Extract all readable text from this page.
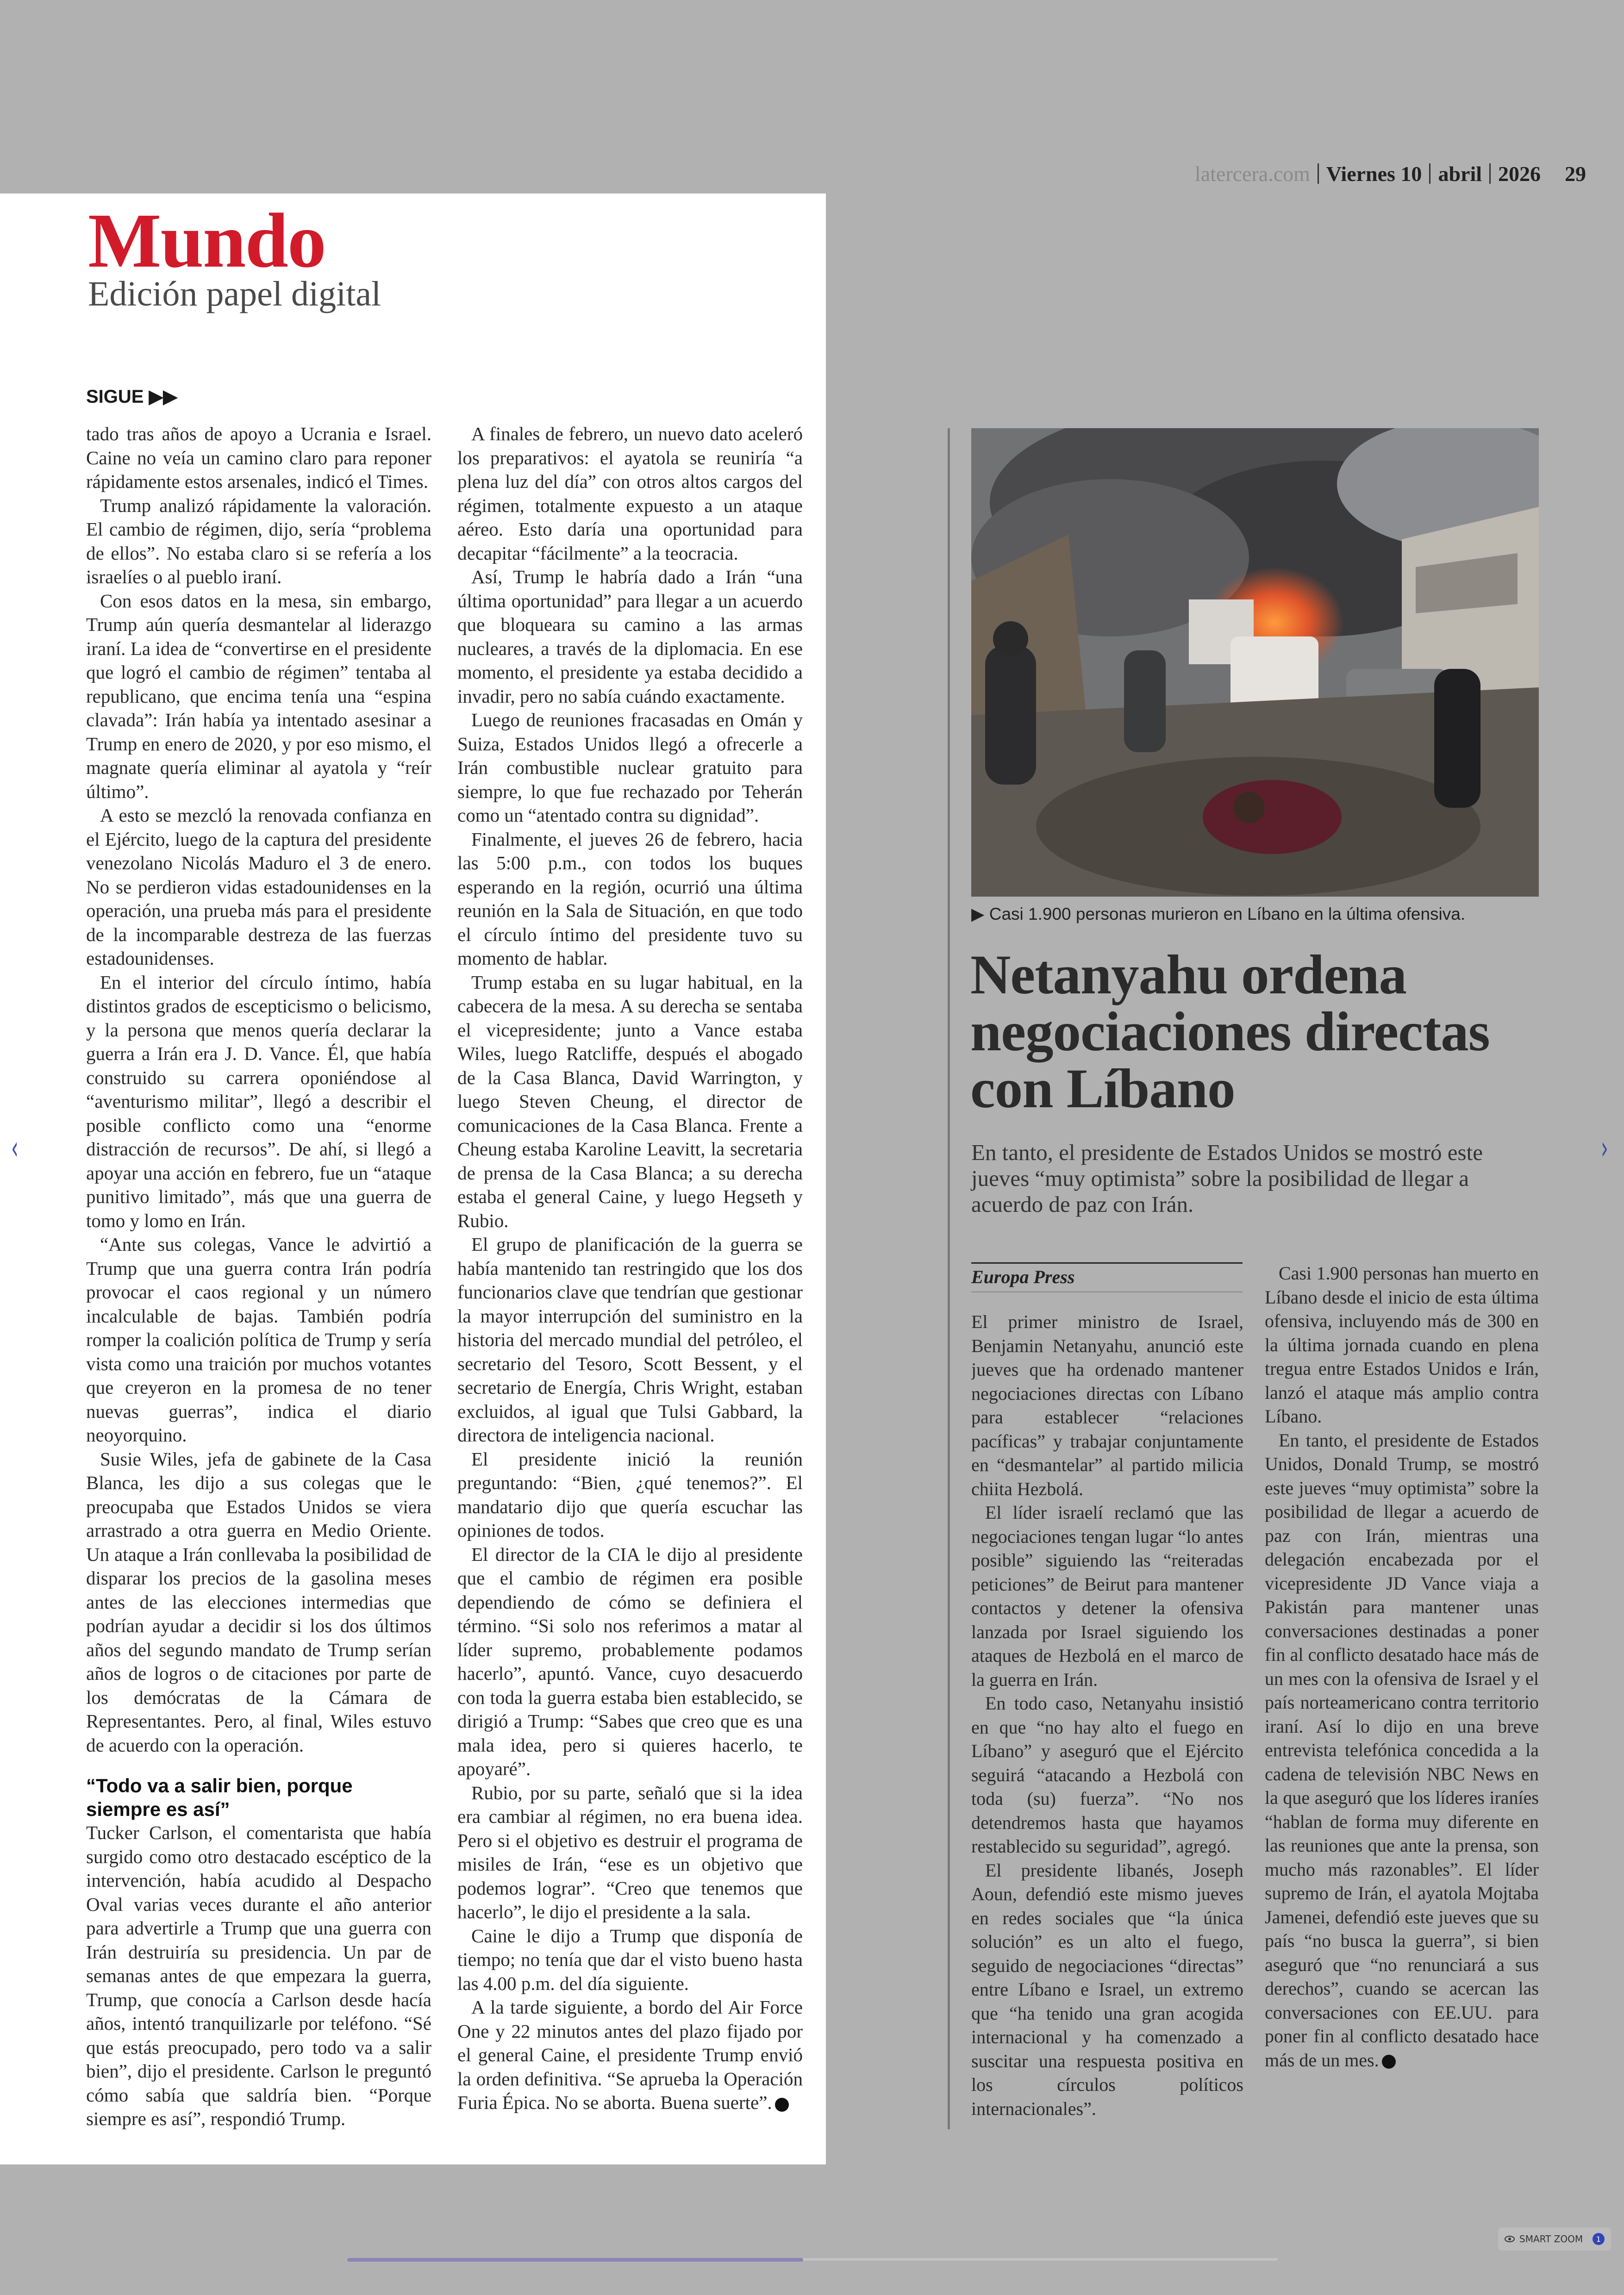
latercera.com Viernes 10 abril 2026 29
Mundo
Edición papel digital
SIGUE ▶▶

tado tras años de apoyo a Ucrania e Israel. Caine no veía un camino claro para reponer rápidamente estos arsenales, indicó el Times.

Trump analizó rápidamente la valoración. El cambio de régimen, dijo, sería “problema de ellos”. No estaba claro si se refería a los israelíes o al pueblo iraní.

Con esos datos en la mesa, sin embargo, Trump aún quería desmantelar al liderazgo iraní. La idea de “convertirse en el presidente que logró el cambio de régimen” tentaba al republicano, que encima tenía una “espina clavada”: Irán había ya intentado asesinar a Trump en enero de 2020, y por eso mismo, el magnate quería eliminar al ayatola y “reír último”.

A esto se mezcló la renovada confianza en el Ejército, luego de la captura del presidente venezolano Nicolás Maduro el 3 de enero. No se perdieron vidas estadounidenses en la operación, una prueba más para el presidente de la incomparable destreza de las fuerzas estadounidenses.

En el interior del círculo íntimo, había distintos grados de escepticismo o belicismo, y la persona que menos quería declarar la guerra a Irán era J. D. Vance. Él, que había construido su carrera oponiéndose al “aventurismo militar”, llegó a describir el posible conflicto como una “enorme distracción de recursos”. De ahí, si llegó a apoyar una acción en febrero, fue un “ataque punitivo limitado”, más que una guerra de tomo y lomo en Irán.

“Ante sus colegas, Vance le advirtió a Trump que una guerra contra Irán podría provocar el caos regional y un número incalculable de bajas. También podría romper la coalición política de Trump y sería vista como una traición por muchos votantes que creyeron en la promesa de no tener nuevas guerras”, indica el diario neoyorquino.

Susie Wiles, jefa de gabinete de la Casa Blanca, les dijo a sus colegas que le preocupaba que Estados Unidos se viera arrastrado a otra guerra en Medio Oriente. Un ataque a Irán conllevaba la posibilidad de disparar los precios de la gasolina meses antes de las elecciones intermedias que podrían ayudar a decidir si los dos últimos años del segundo mandato de Trump serían años de logros o de citaciones por parte de los demócratas de la Cámara de Representantes. Pero, al final, Wiles estuvo de acuerdo con la operación.

“Todo va a salir bien, porque siempre es así”

Tucker Carlson, el comentarista que había surgido como otro destacado escéptico de la intervención, había acudido al Despacho Oval varias veces durante el año anterior para advertirle a Trump que una guerra con Irán destruiría su presidencia. Un par de semanas antes de que empezara la guerra, Trump, que conocía a Carlson desde hacía años, intentó tranquilizarle por teléfono. “Sé que estás preocupado, pero todo va a salir bien”, dijo el presidente. Carlson le preguntó cómo sabía que saldría bien. “Porque siempre es así”, respondió Trump.

A finales de febrero, un nuevo dato aceleró los preparativos: el ayatola se reuniría “a plena luz del día” con otros altos cargos del régimen, totalmente expuesto a un ataque aéreo. Esto daría una oportunidad para decapitar “fácilmente” a la teocracia.

Así, Trump le habría dado a Irán “una última oportunidad” para llegar a un acuerdo que bloqueara su camino a las armas nucleares, a través de la diplomacia. En ese momento, el presidente ya estaba decidido a invadir, pero no sabía cuándo exactamente.

Luego de reuniones fracasadas en Omán y Suiza, Estados Unidos llegó a ofrecerle a Irán combustible nuclear gratuito para siempre, lo que fue rechazado por Teherán como un “atentado contra su dignidad”.

Finalmente, el jueves 26 de febrero, hacia las 5:00 p.m., con todos los buques esperando en la región, ocurrió una última reunión en la Sala de Situación, en que todo el círculo íntimo del presidente tuvo su momento de hablar.

Trump estaba en su lugar habitual, en la cabecera de la mesa. A su derecha se sentaba el vicepresidente; junto a Vance estaba Wiles, luego Ratcliffe, después el abogado de la Casa Blanca, David Warrington, y luego Steven Cheung, el director de comunicaciones de la Casa Blanca. Frente a Cheung estaba Karoline Leavitt, la secretaria de prensa de la Casa Blanca; a su derecha estaba el general Caine, y luego Hegseth y Rubio.

El grupo de planificación de la guerra se había mantenido tan restringido que los dos funcionarios clave que tendrían que gestionar la mayor interrupción del suministro en la historia del mercado mundial del petróleo, el secretario del Tesoro, Scott Bessent, y el secretario de Energía, Chris Wright, estaban excluidos, al igual que Tulsi Gabbard, la directora de inteligencia nacional.

El presidente inició la reunión preguntando: “Bien, ¿qué tenemos?”. El mandatario dijo que quería escuchar las opiniones de todos.

El director de la CIA le dijo al presidente que el cambio de régimen era posible dependiendo de cómo se definiera el término. “Si solo nos referimos a matar al líder supremo, probablemente podamos hacerlo”, apuntó. Vance, cuyo desacuerdo con toda la guerra estaba bien establecido, se dirigió a Trump: “Sabes que creo que es una mala idea, pero si quieres hacerlo, te apoyaré”.

Rubio, por su parte, señaló que si la idea era cambiar al régimen, no era buena idea. Pero si el objetivo es destruir el programa de misiles de Irán, “ese es un objetivo que podemos lograr”. “Creo que tenemos que hacerlo”, le dijo el presidente a la sala.

Caine le dijo a Trump que disponía de tiempo; no tenía que dar el visto bueno hasta las 4.00 p.m. del día siguiente.

A la tarde siguiente, a bordo del Air Force One y 22 minutos antes del plazo fijado por el general Caine, el presidente Trump envió la orden definitiva. “Se aprueba la Operación Furia Épica. No se aborta. Buena suerte”.

▶ Casi 1.900 personas murieron en Líbano en la última ofensiva.
Netanyahu ordena negociaciones directas con Líbano
En tanto, el presidente de Estados Unidos se mostró este jueves “muy optimista” sobre la posibilidad de llegar a acuerdo de paz con Irán.
Europa Press

El primer ministro de Israel, Benjamin Netanyahu, anunció este jueves que ha ordenado mantener negociaciones directas con Líbano para establecer “relaciones pacíficas” y trabajar conjuntamente en “desmantelar” al partido milicia chiita Hezbolá.

El líder israelí reclamó que las negociaciones tengan lugar “lo antes posible” siguiendo las “reiteradas peticiones” de Beirut para mantener contactos y detener la ofensiva lanzada por Israel siguiendo los ataques de Hezbolá en el marco de la guerra en Irán.

En todo caso, Netanyahu insistió en que “no hay alto el fuego en Líbano” y aseguró que el Ejército seguirá “atacando a Hezbolá con toda (su) fuerza”. “No nos detendremos hasta que hayamos restablecido su seguridad”, agregó.

El presidente libanés, Joseph Aoun, defendió este mismo jueves en redes sociales que “la única solución” es un alto el fuego, seguido de negociaciones “directas” entre Líbano e Israel, un extremo que “ha tenido una gran acogida internacional y ha comenzado a suscitar una respuesta positiva en los círculos políticos internacionales”.

Casi 1.900 personas han muerto en Líbano desde el inicio de esta última ofensiva, incluyendo más de 300 en la última jornada cuando en plena tregua entre Estados Unidos e Irán, lanzó el ataque más amplio contra Líbano.

En tanto, el presidente de Estados Unidos, Donald Trump, se mostró este jueves “muy optimista” sobre la posibilidad de llegar a acuerdo de paz con Irán, mientras una delegación encabezada por el vicepresidente JD Vance viaja a Pakistán para mantener unas conversaciones destinadas a poner fin al conflicto desatado hace más de un mes con la ofensiva de Israel y el país norteamericano contra territorio iraní. Así lo dijo en una breve entrevista telefónica concedida a la cadena de televisión NBC News en la que aseguró que los líderes iraníes “hablan de forma muy diferente en las reuniones que ante la prensa, son mucho más razonables”. El líder supremo de Irán, el ayatola Mojtaba Jamenei, defendió este jueves que su país “no busca la guerra”, si bien aseguró que “no renunciará a sus derechos”, cuando se acercan las conversaciones con EE.UU. para poner fin al conflicto desatado hace más de un mes.

‹	›
SMART ZOOM	1
